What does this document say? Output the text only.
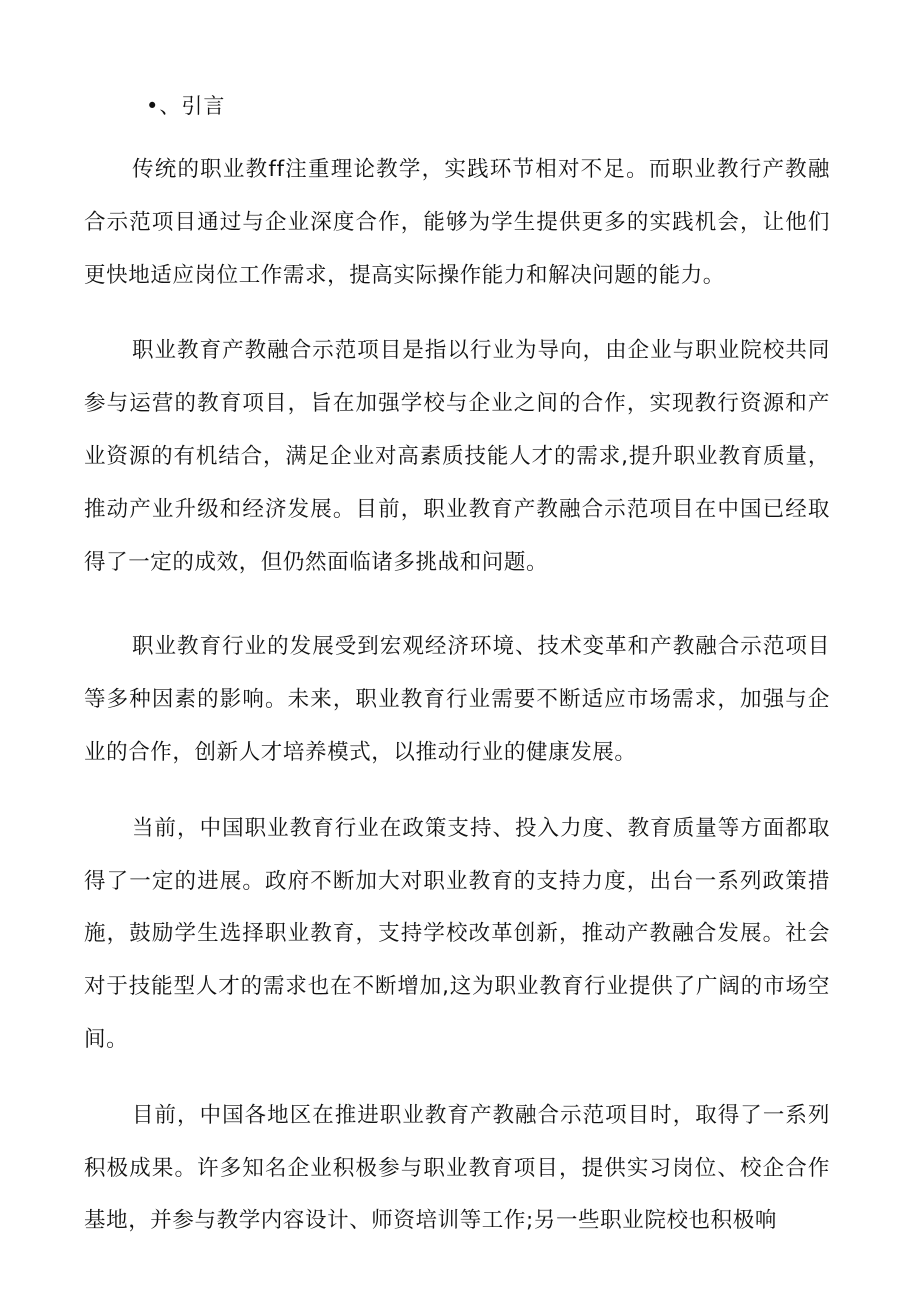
•、引言

传统的职业教ff注重理论教学，实践环节相对不足。而职业教行产教融合示范项目通过与企业深度合作，能够为学生提供更多的实践机会，让他们更快地适应岗位工作需求，提高实际操作能力和解决问题的能力。

职业教育产教融合示范项目是指以行业为导向，由企业与职业院校共同参与运营的教育项目，旨在加强学校与企业之间的合作，实现教行资源和产业资源的有机结合，满足企业对高素质技能人才的需求,提升职业教育质量，推动产业升级和经济发展。目前，职业教育产教融合示范项目在中国已经取得了一定的成效，但仍然面临诸多挑战和问题。

职业教育行业的发展受到宏观经济环境、技术变革和产教融合示范项目等多种因素的影响。未来，职业教育行业需要不断适应市场需求，加强与企业的合作，创新人才培养模式，以推动行业的健康发展。

当前，中国职业教育行业在政策支持、投入力度、教育质量等方面都取得了一定的进展。政府不断加大对职业教育的支持力度，出台一系列政策措施，鼓励学生选择职业教育，支持学校改革创新，推动产教融合发展。社会对于技能型人才的需求也在不断增加,这为职业教育行业提供了广阔的市场空间。

目前，中国各地区在推进职业教育产教融合示范项目时，取得了一系列积极成果。许多知名企业积极参与职业教育项目，提供实习岗位、校企合作基地，并参与教学内容设计、师资培训等工作;另一些职业院校也积极响
